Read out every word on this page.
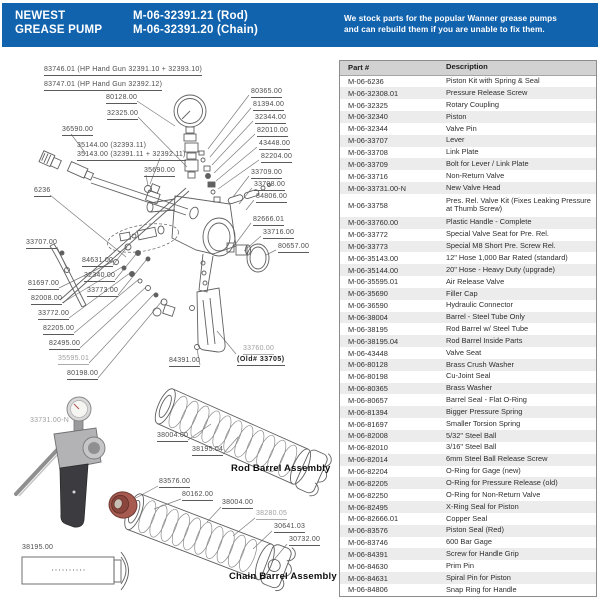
NEWEST
GREASE PUMP
M-06-32391.21 (Rod)
M-06-32391.20 (Chain)
We stock parts for the popular Wanner grease pumps
and can rebuild them if you are unable to fix them.
83746.01 (HP Hand Gun 32391.10 + 32393.10)
83747.01 (HP Hand Gun 32392.12)
80128.00
32325.00
36590.00
35144.00 (32393.11)
35143.00 (32391.11 + 32392.11)
35690.00
6236
33707.00
80365.00
81394.00
32344.00
82010.00
43448.00
82204.00
33709.00
33708.00
84806.00
82666.01
33716.00
80657.00
84631.00
32340.00
33773.00
81697.00
82008.00
33772.00
82205.00
82495.00
35595.01
80198.00
84391.00
33760.00
(Old# 33705)
33731.00-N
38004.00
38195.04
Rod Barrel Assembly
83576.00
80162.00
38004.00
38280.05
30641.03
30732.00
38195.00
Chain Barrel Assembly
Part #	Description
M-06-6236	Piston Kit with Spring & Seal
M-06-32308.01	Pressure Release Screw
M-06-32325	Rotary Coupling
M-06-32340	Piston
M-06-32344	Valve Pin
M-06-33707	Lever
M-06-33708	Link Plate
M-06-33709	Bolt for Lever / Link Plate
M-06-33716	Non-Return Valve
M-06-33731.00-N	New Valve Head
M-06-33758
Pres. Rel. Valve Kit (Fixes Leaking Pressure at Thumb Screw)
M-06-33760.00	Plastic Handle - Complete
M-06-33772	Special Valve Seat for Pre. Rel.
M-06-33773	Special M8 Short Pre. Screw Rel.
M-06-35143.00	12" Hose 1,000 Bar Rated (standard)
M-06-35144.00	20" Hose - Heavy Duty (upgrade)
M-06-35595.01	Air Release Valve
M-06-35690	Filler Cap
M-06-36590	Hydraulic Connector
M-06-38004	Barrel - Steel Tube Only
M-06-38195	Rod Barrel w/ Steel Tube
M-06-38195.04	Rod Barrel Inside Parts
M-06-43448	Valve Seat
M-06-80128	Brass Crush Washer
M-06-80198	Cu-Joint Seal
M-06-80365	Brass Washer
M-06-80657	Barrel Seal - Flat O-Ring
M-06-81394	Bigger Pressure Spring
M-06-81697	Smaller Torsion Spring
M-06-82008	5/32" Steel Ball
M-06-82010	3/16" Steel Ball
M-06-82014	6mm Steel Ball Release Screw
M-06-82204	O-Ring for Gage (new)
M-06-82205	O-Ring for Pressure Release (old)
M-06-82250	O-Ring for Non-Return Valve
M-06-82495	X-Ring Seal for Piston
M-06-82666.01	Copper Seal
M-06-83576	Piston Seal (Red)
M-06-83746	600 Bar Gage
M-06-84391	Screw for Handle Grip
M-06-84630	Prim Pin
M-06-84631	Spiral Pin for Piston
M-06-84806	Snap Ring for Handle
